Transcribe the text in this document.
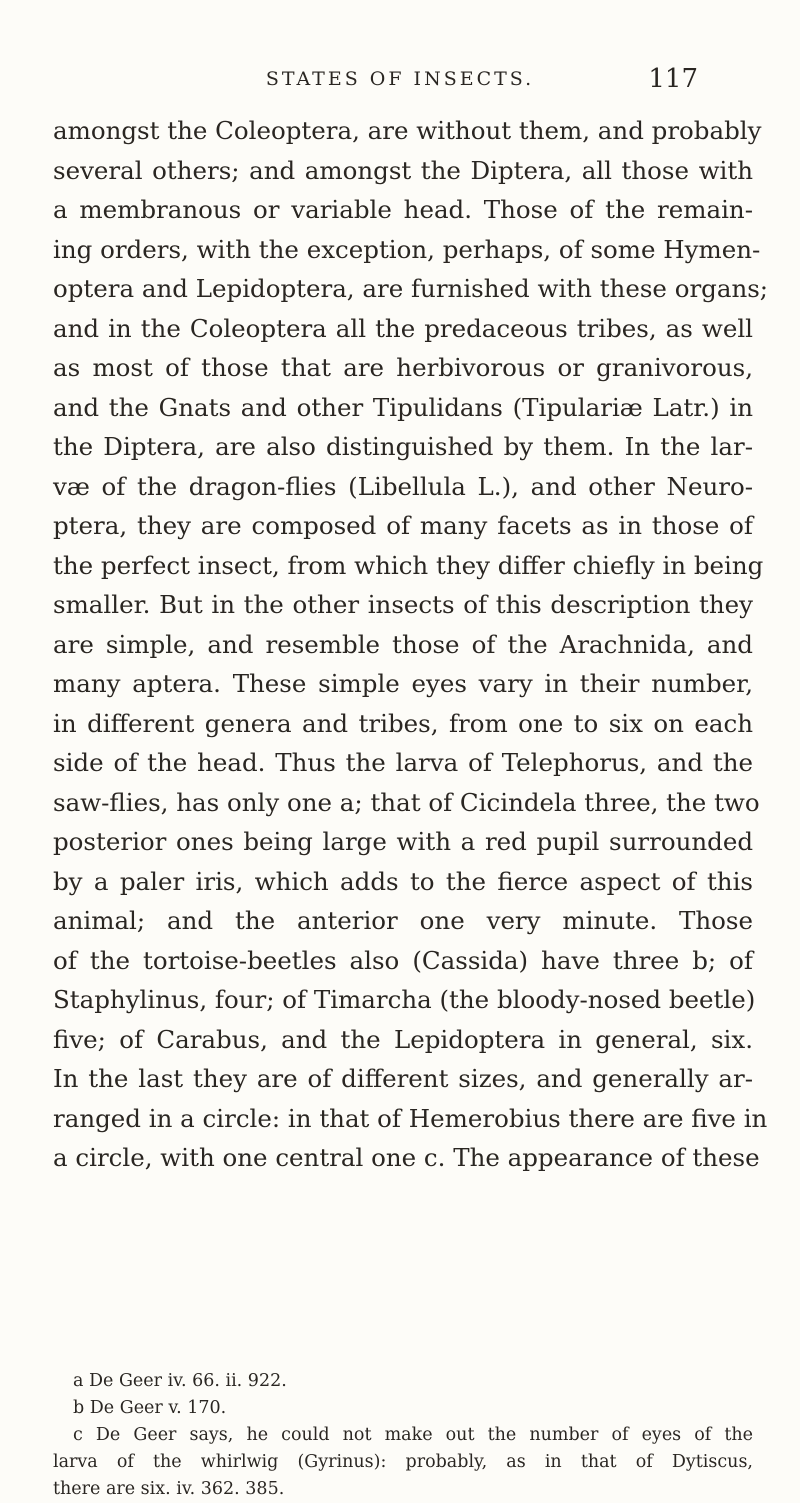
STATES OF INSECTS.	117
amongst the Coleoptera, are without them, and probably
several others; and amongst the Diptera, all those with
a membranous or variable head. Those of the remain-
ing orders, with the exception, perhaps, of some Hymen-
optera and Lepidoptera, are furnished with these organs;
and in the Coleoptera all the predaceous tribes, as well
as most of those that are herbivorous or granivorous,
and the Gnats and other Tipulidans (Tipulariæ Latr.) in
the Diptera, are also distinguished by them. In the lar-
væ of the dragon-flies (Libellula L.), and other Neuro-
ptera, they are composed of many facets as in those of
the perfect insect, from which they differ chiefly in being
smaller. But in the other insects of this description they
are simple, and resemble those of the Arachnida, and
many aptera. These simple eyes vary in their number,
in different genera and tribes, from one to six on each
side of the head. Thus the larva of Telephorus, and the
saw-flies, has only one a; that of Cicindela three, the two
posterior ones being large with a red pupil surrounded
by a paler iris, which adds to the fierce aspect of this
animal; and the anterior one very minute. Those
of the tortoise-beetles also (Cassida) have three b; of
Staphylinus, four; of Timarcha (the bloody-nosed beetle)
five; of Carabus, and the Lepidoptera in general, six.
In the last they are of different sizes, and generally ar-
ranged in a circle: in that of Hemerobius there are five in
a circle, with one central one c. The appearance of these
a De Geer iv. 66. ii. 922.
b De Geer v. 170.
c De Geer says, he could not make out the number of eyes of the
larva of the whirlwig (Gyrinus): probably, as in that of Dytiscus,
there are six. iv. 362. 385.
